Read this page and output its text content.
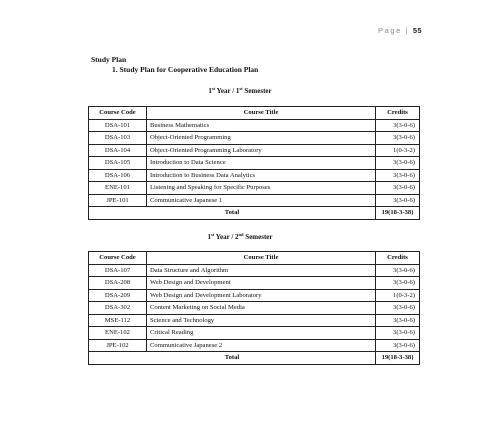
Page | 55
Study Plan
1. Study Plan for Cooperative Education Plan
1st Year / 1st Semester
Course Code	Course Title	Credits
DSA-101	Business Mathematics	3(3-0-6)
DSA-103	Object-Oriented Programming	3(3-0-6)
DSA-104	Object-Oriented Programming Laboratory	1(0-3-2)
DSA-105	Introduction to Data Science	3(3-0-6)
DSA-106	Introduction to Business Data Analytics	3(3-0-6)
ENE-101	Listening and Speaking for Specific Purposes	3(3-0-6)
JPE-101	Communicative Japanese 1	3(3-0-6)
Total		19(18-3-38)
1st Year / 2nd Semester
Course Code	Course Title	Credits
DSA-107	Data Structure and Algorithm	3(3-0-6)
DSA-208	Web Design and Development	3(3-0-6)
DSA-209	Web Design and Development Laboratory	1(0-3-2)
DSA-302	Content Marketing on Social Media	3(3-0-6)
MSE-112	Science and Technology	3(3-0-6)
ENE-102	Critical Reading	3(3-0-6)
JPE-102	Communicative Japanese 2	3(3-0-6)
Total		19(18-3-38)
